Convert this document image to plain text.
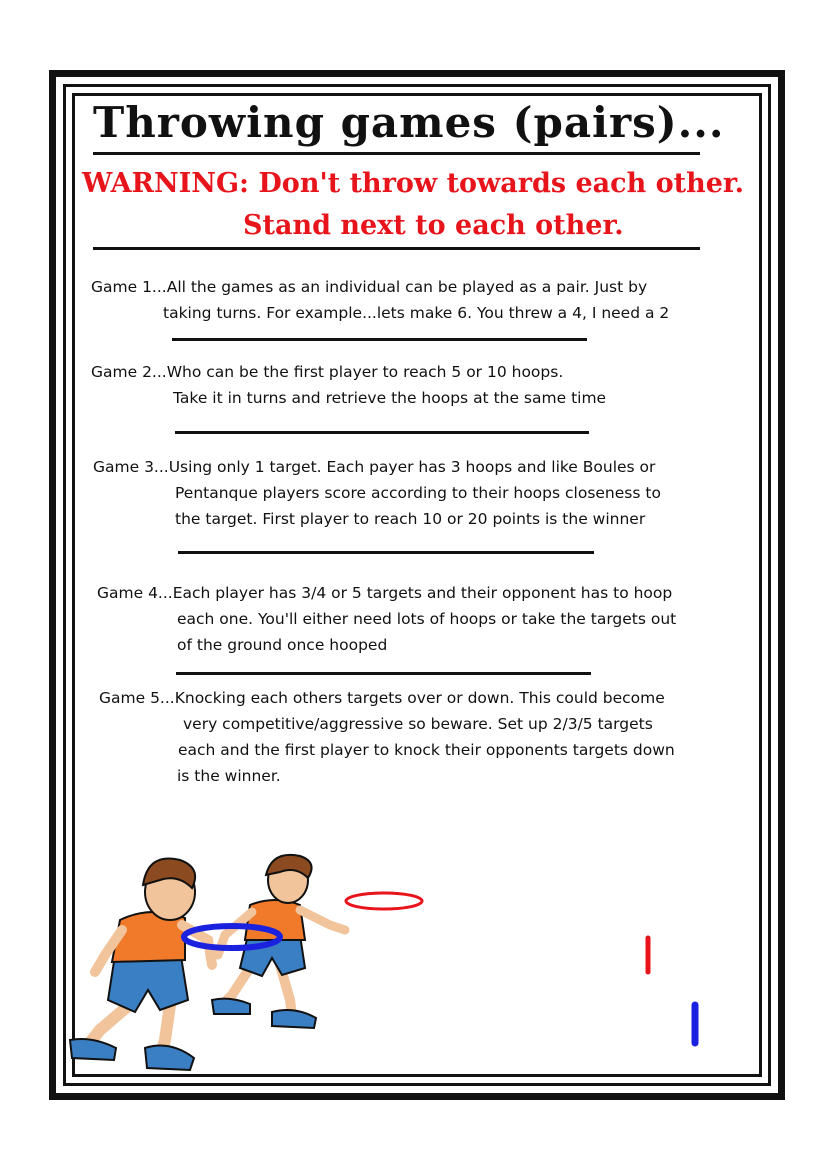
Throwing games (pairs)...
WARNING: Don't throw towards each other.
Stand next to each other.
Game 1...All the games as an individual can be played as a pair. Just by
taking turns. For example...lets make 6. You threw a 4, I need a 2
Game 2...Who can be the first player to reach 5 or 10 hoops.
Take it in turns and retrieve the hoops at the same time
Game 3...Using only 1 target. Each payer has 3 hoops and like Boules or
Pentanque players score according to their hoops closeness to
the target. First player to reach 10 or 20 points is the winner
Game 4...Each player has 3/4 or 5 targets and their opponent has to hoop
each one. You'll either need lots of hoops or take the targets out
of the ground once hooped
Game 5...Knocking each others targets over or down. This could become
very competitive/aggressive so beware. Set up 2/3/5 targets
each and the first player to knock their opponents targets down
is the winner.
